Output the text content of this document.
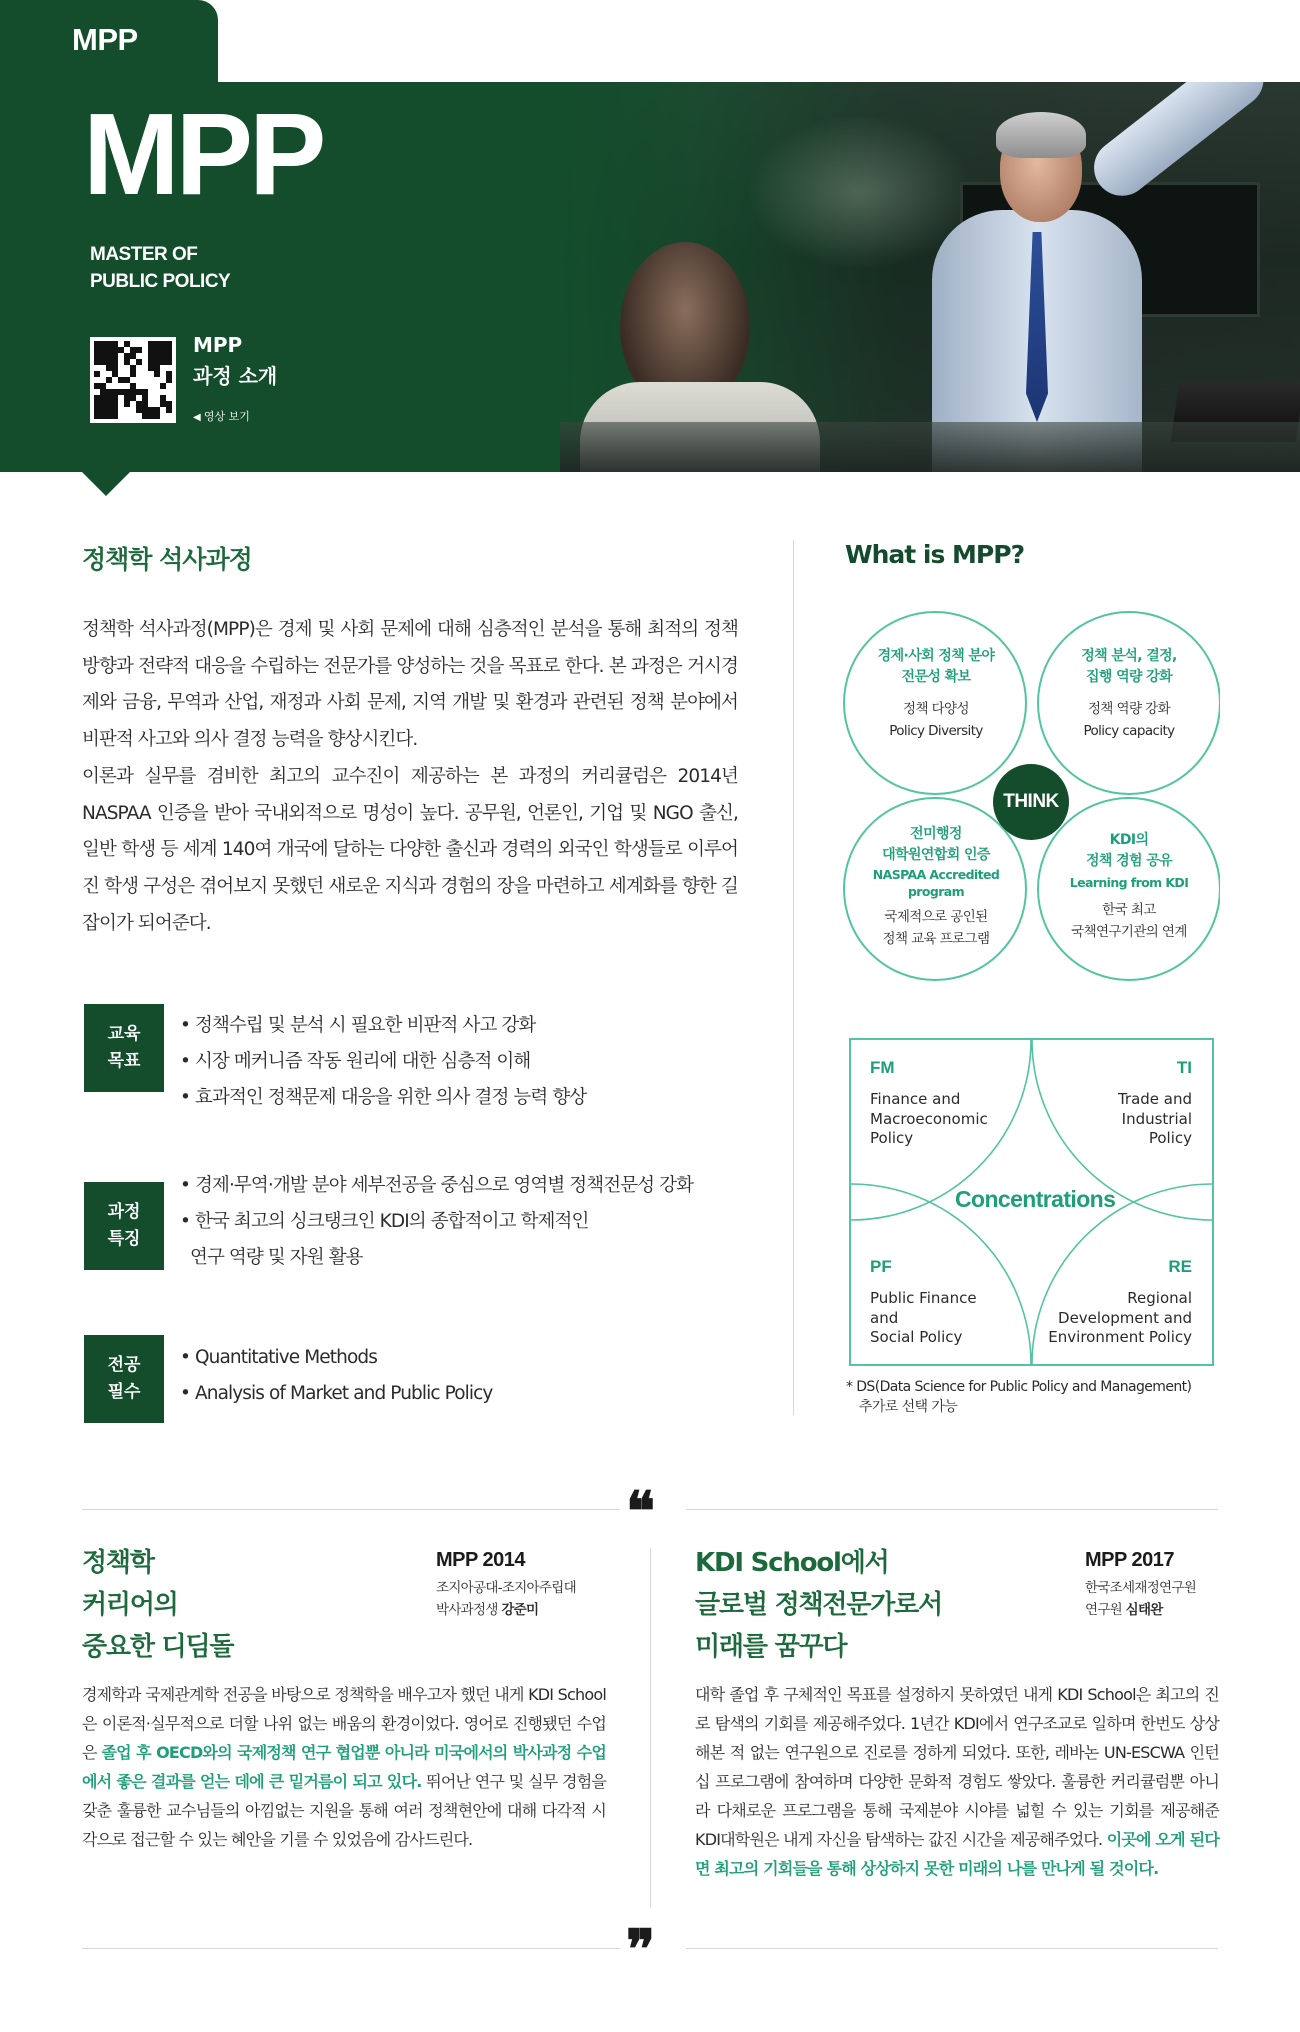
MPP
MPP
MASTER OF
PUBLIC POLICY
MPP
과정 소개
◀ 영상 보기
정책학 석사과정

정책학 석사과정(MPP)은 경제 및 사회 문제에 대해 심층적인 분석을 통해 최적의 정책 방향과 전략적 대응을 수립하는 전문가를 양성하는 것을 목표로 한다. 본 과정은 거시경제와 금융, 무역과 산업, 재정과 사회 문제, 지역 개발 및 환경과 관련된 정책 분야에서 비판적 사고와 의사 결정 능력을 향상시킨다.

이론과 실무를 겸비한 최고의 교수진이 제공하는 본 과정의 커리큘럼은 2014년 NASPAA 인증을 받아 국내외적으로 명성이 높다. 공무원, 언론인, 기업 및 NGO 출신, 일반 학생 등 세계 140여 개국에 달하는 다양한 출신과 경력의 외국인 학생들로 이루어진 학생 구성은 겪어보지 못했던 새로운 지식과 경험의 장을 마련하고 세계화를 향한 길잡이가 되어준다.

교육
목표
• 정책수립 및 분석 시 필요한 비판적 사고 강화
• 시장 메커니즘 작동 원리에 대한 심층적 이해
• 효과적인 정책문제 대응을 위한 의사 결정 능력 향상
과정
특징
• 경제·무역·개발 분야 세부전공을 중심으로 영역별 정책전문성 강화
• 한국 최고의 싱크탱크인 KDI의 종합적이고 학제적인
연구 역량 및 자원 활용
전공
필수
• Quantitative Methods
• Analysis of Market and Public Policy
What is MPP?
경제·사회 정책 분야
전문성 확보
정책 다양성
Policy Diversity
정책 분석, 결정,
집행 역량 강화
정책 역량 강화
Policy capacity
전미행정
대학원연합회 인증
NASPAA Accredited program
국제적으로 공인된
정책 교육 프로그램
KDI의
정책 경험 공유
Learning from KDI
한국 최고
국책연구기관의 연계
THINK
FM
Finance and
Macroeconomic
Policy
TI
Trade and
Industrial
Policy
Concentrations
PF
Public Finance
and
Social Policy
RE
Regional
Development and
Environment Policy
* DS(Data Science for Public Policy and Management)
추가로 선택 가능
❝
정책학
커리어의
중요한 디딤돌
MPP 2014
조지아공대-조지아주립대
박사과정생 강준미
경제학과 국제관계학 전공을 바탕으로 정책학을 배우고자 했던 내게 KDI School은 이론적·실무적으로 더할 나위 없는 배움의 환경이었다. 영어로 진행됐던 수업은 졸업 후 OECD와의 국제정책 연구 협업뿐 아니라 미국에서의 박사과정 수업에서 좋은 결과를 얻는 데에 큰 밑거름이 되고 있다. 뛰어난 연구 및 실무 경험을 갖춘 훌륭한 교수님들의 아낌없는 지원을 통해 여러 정책현안에 대해 다각적 시각으로 접근할 수 있는 혜안을 기를 수 있었음에 감사드린다.
KDI School에서
글로벌 정책전문가로서
미래를 꿈꾸다
MPP 2017
한국조세재정연구원
연구원 심태완
대학 졸업 후 구체적인 목표를 설정하지 못하였던 내게 KDI School은 최고의 진로 탐색의 기회를 제공해주었다. 1년간 KDI에서 연구조교로 일하며 한번도 상상해본 적 없는 연구원으로 진로를 정하게 되었다. 또한, 레바논 UN-ESCWA 인턴십 프로그램에 참여하며 다양한 문화적 경험도 쌓았다. 훌륭한 커리큘럼뿐 아니라 다채로운 프로그램을 통해 국제분야 시야를 넓힐 수 있는 기회를 제공해준 KDI대학원은 내게 자신을 탐색하는 값진 시간을 제공해주었다. 이곳에 오게 된다면 최고의 기회들을 통해 상상하지 못한 미래의 나를 만나게 될 것이다.
❞
